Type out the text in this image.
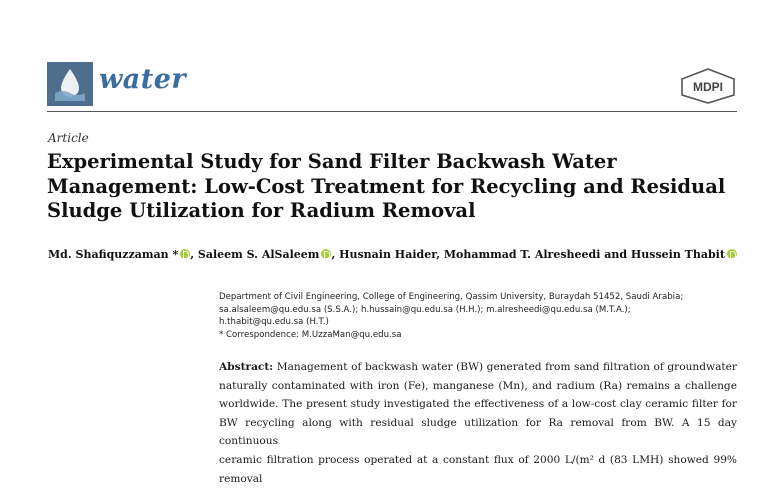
water	MDPI
Article
Experimental Study for Sand Filter Backwash Water
Management: Low-Cost Treatment for Recycling and Residual
Sludge Utilization for Radium Removal
Md. Shafiquzzaman * , Saleem S. AlSaleem , Husnain Haider, Mohammad T. Alresheedi and Hussein Thabit
Department of Civil Engineering, College of Engineering, Qassim University, Buraydah 51452, Saudi Arabia;
sa.alsaleem@qu.edu.sa (S.S.A.); h.hussain@qu.edu.sa (H.H.); m.alresheedi@qu.edu.sa (M.T.A.);
h.thabit@qu.edu.sa (H.T.)
* Correspondence: M.UzzaMan@qu.edu.sa
Abstract: Management of backwash water (BW) generated from sand filtration of groundwater
naturally contaminated with iron (Fe), manganese (Mn), and radium (Ra) remains a challenge
worldwide. The present study investigated the effectiveness of a low-cost clay ceramic filter for
BW recycling along with residual sludge utilization for Ra removal from BW. A 15 day continuous
ceramic filtration process operated at a constant flux of 2000 L/(m² d (83 LMH) showed 99% removal
